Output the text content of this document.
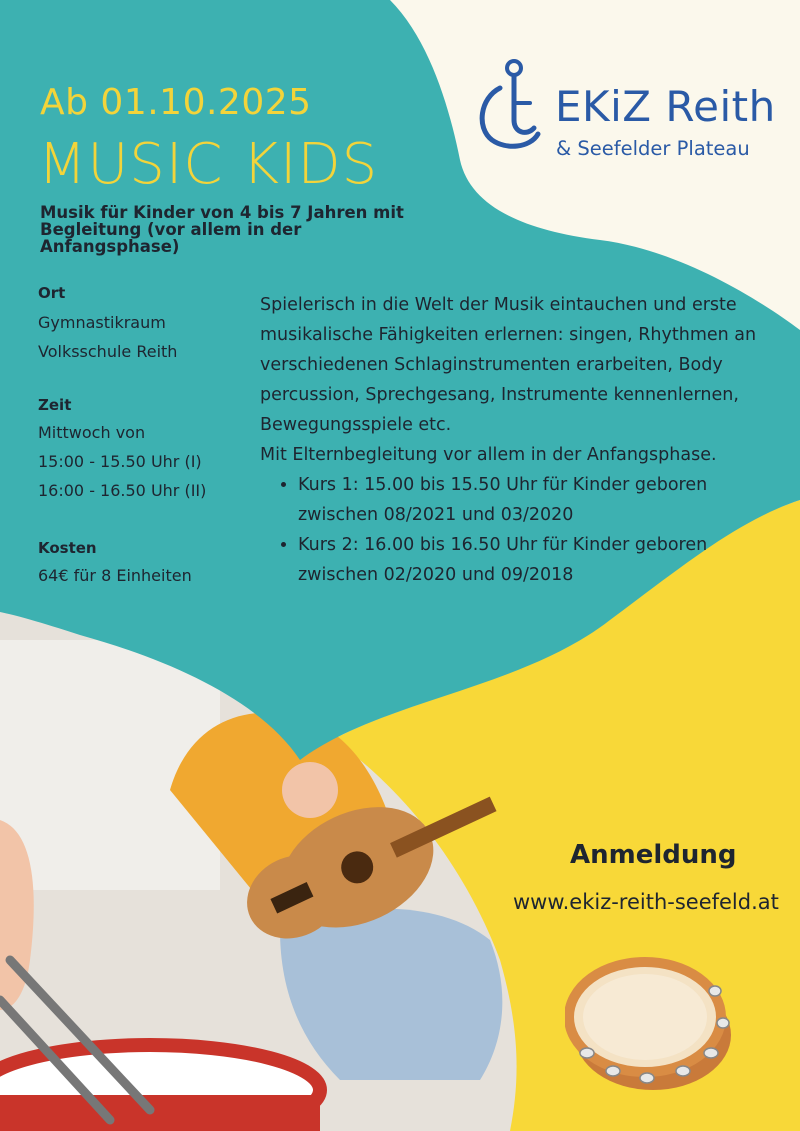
EKiZ Reith
& Seefelder Plateau
Ab 01.10.2025
MUSIC KIDS
Musik für Kinder von 4 bis 7 Jahren mit Begleitung (vor allem in der Anfangsphase)
Ort
Gymnastikraum
Volksschule Reith
Zeit
Mittwoch von
15:00 - 15.50 Uhr (I)
16:00 - 16.50 Uhr (II)
Kosten
64€ für 8 Einheiten

Spielerisch in die Welt der Musik eintauchen und erste musikalische Fähigkeiten erlernen: singen, Rhythmen an verschiedenen Schlaginstrumenten erarbeiten, Body percussion, Sprechgesang, Instrumente kennenlernen, Bewegungsspiele etc.

Mit Elternbegleitung vor allem in der Anfangsphase.

• Kurs 1: 15.00 bis 15.50 Uhr für Kinder geboren zwischen 08/2021 und 03/2020
• Kurs 2: 16.00 bis 16.50 Uhr für Kinder geboren zwischen 02/2020 und 09/2018
Anmeldung
www.ekiz-reith-seefeld.at
